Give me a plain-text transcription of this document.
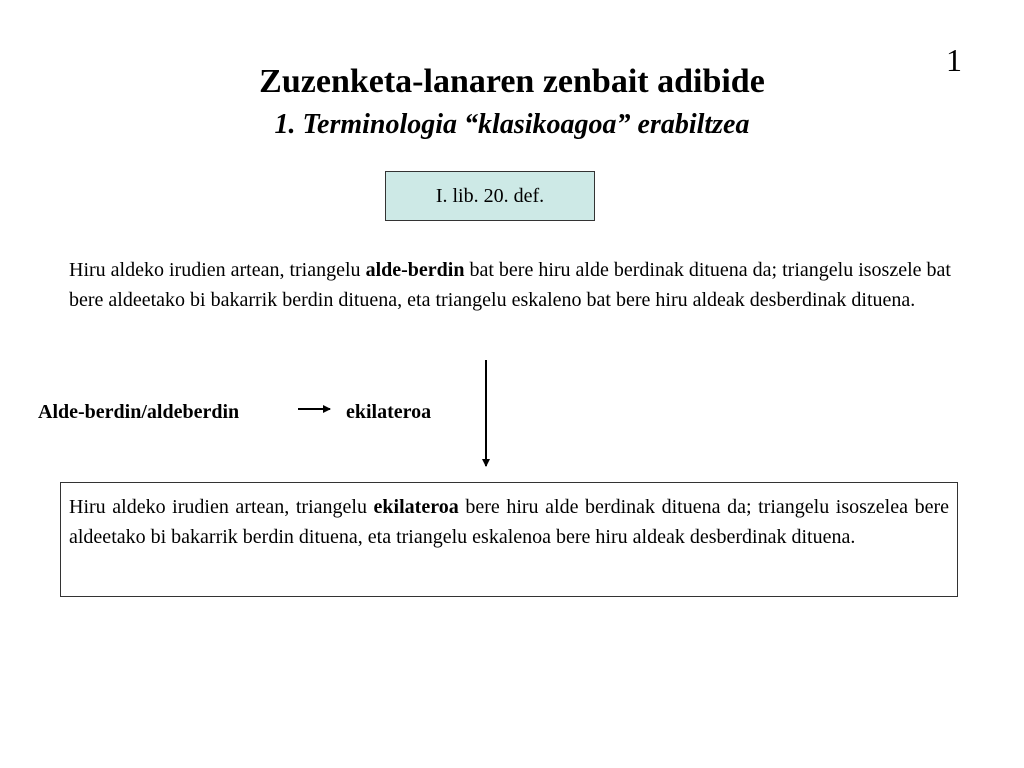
1
Zuzenketa-lanaren zenbait adibide
1. Terminologia “klasikoagoa” erabiltzea
I. lib. 20. def.

Hiru aldeko irudien artean, triangelu alde-berdin bat bere hiru alde berdinak dituena da; triangelu isoszele bat bere aldeetako bi bakarrik berdin dituena, eta triangelu eskaleno bat bere hiru aldeak desberdinak dituena.

Alde-berdin/aldeberdin	ekilateroa
Hiru aldeko irudien artean, triangelu ekilateroa bere hiru alde berdinak dituena da; triangelu isoszelea bere aldeetako bi bakarrik berdin dituena, eta triangelu eskalenoa bere hiru aldeak desberdinak dituena.
